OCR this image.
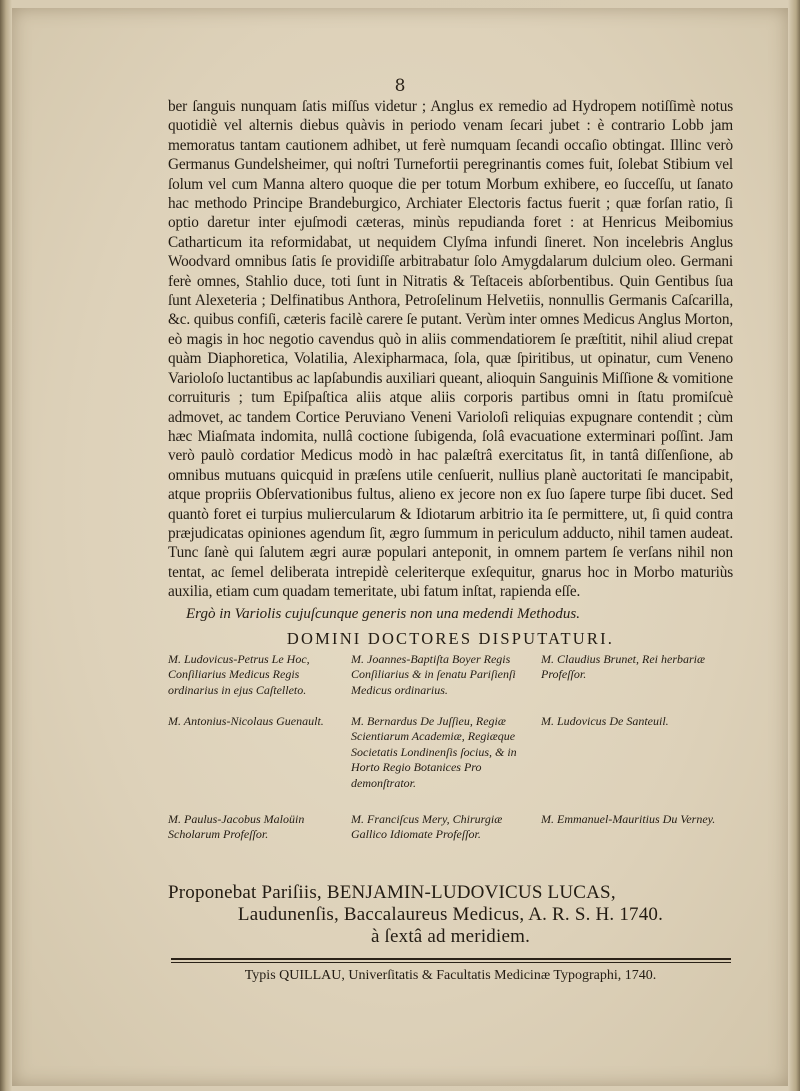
8

ber ſanguis nunquam ſatis miſſus videtur ; Anglus ex remedio ad Hydropem notiſſimè notus quotidiè vel alternis diebus quàvis in periodo venam ſecari jubet : è contrario Lobb jam memoratus tantam cautionem adhibet, ut ferè numquam ſecandi occaſio obtingat. Illinc verò Germanus Gundelsheimer, qui noſtri Turnefortii peregrinantis comes fuit, ſolebat Stibium vel ſolum vel cum Manna altero quoque die per totum Morbum exhibere, eo ſucceſſu, ut ſanato hac methodo Principe Brandeburgico, Archiater Electoris factus fuerit ; quæ forſan ratio, ſi optio daretur inter ejuſmodi cæteras, minùs repudianda foret : at Henricus Meibomius Catharticum ita reformidabat, ut nequidem Clyſma infundi ſineret. Non incelebris Anglus Woodvard omnibus ſatis ſe providiſſe arbitrabatur ſolo Amygdalarum dulcium oleo. Germani ferè omnes, Stahlio duce, toti ſunt in Nitratis & Teſtaceis abſorbentibus. Quin Gentibus ſua ſunt Alexeteria ; Delfinatibus Anthora, Petroſelinum Helvetiis, nonnullis Germanis Caſcarilla, &c. quibus confiſi, cæteris facilè carere ſe putant. Verùm inter omnes Medicus Anglus Morton, eò magis in hoc negotio cavendus quò in aliis commendatiorem ſe præſtitit, nihil aliud crepat quàm Diaphoretica, Volatilia, Alexipharmaca, ſola, quæ ſpiritibus, ut opinatur, cum Veneno Varioloſo luctantibus ac lapſabundis auxiliari queant, alioquin Sanguinis Miſſione & vomitione corruituris ; tum Epiſpaſtica aliis atque aliis corporis partibus omni in ſtatu promiſcuè admovet, ac tandem Cortice Peruviano Veneni Varioloſi reliquias expugnare contendit ; cùm hæc Miaſmata indomita, nullâ coctione ſubigenda, ſolâ evacuatione exterminari poſſint. Jam verò paulò cordatior Medicus modò in hac palæſtrâ exercitatus ſit, in tantâ diſſenſione, ab omnibus mutuans quicquid in præſens utile cenſuerit, nullius planè auctoritati ſe mancipabit, atque propriis Obſervationibus fultus, alieno ex jecore non ex ſuo ſapere turpe ſibi ducet. Sed quantò foret ei turpius muliercularum & Idiotarum arbitrio ita ſe permittere, ut, ſi quid contra præjudicatas opiniones agendum ſit, ægro ſummum in periculum adducto, nihil tamen audeat. Tunc ſanè qui ſalutem ægri auræ populari anteponit, in omnem partem ſe verſans nihil non tentat, ac ſemel deliberata intrepidè celeriterque exſequitur, gnarus hoc in Morbo maturiùs auxilia, etiam cum quadam temeritate, ubi fatum inſtat, rapienda eſſe.

Ergò in Variolis cujuſcunque generis non una medendi Methodus.

DOMINI DOCTORES DISPUTATURI.
M. Ludovicus-Petrus Le Hoc, Conſiliarius Medicus Regis ordinarius in ejus Caſtelleto.
M. Joannes-Baptiſta Boyer Regis Conſiliarius & in ſenatu Pariſienſi Medicus ordinarius.
M. Claudius Brunet, Rei herbariæ Profeſſor.
M. Antonius-Nicolaus Guenault.	M. Bernardus De Juſſieu, Regiæ Scientiarum Academiæ, Regiæque Societatis Londinenſis ſocius, & in Horto Regio Botanices Pro demonſtrator.
M. Ludovicus De Santeuil.
M. Paulus-Jacobus Maloüin Scholarum Profeſſor.
M. Franciſcus Mery, Chirurgiæ Gallico Idiomate Profeſſor.
M. Emmanuel-Mauritius Du Verney.
Proponebat Pariſiis, BENJAMIN-LUDOVICUS LUCAS,
Laudunenſis, Baccalaureus Medicus, A. R. S. H. 1740.
à ſextâ ad meridiem.
Typis QUILLAU, Univerſitatis & Facultatis Medicinæ Typographi, 1740.
